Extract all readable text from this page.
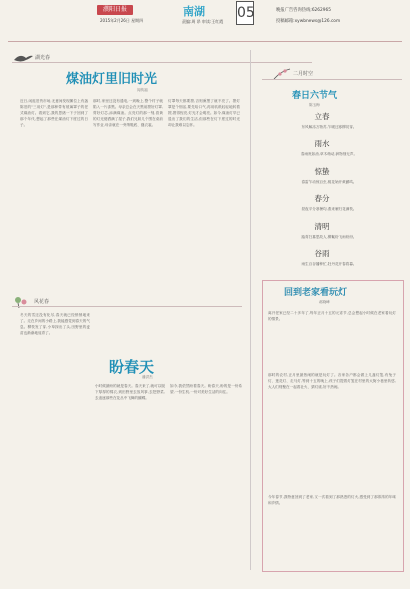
濮阳日报
2015年2月26日 星期四
南湖
责编:周 昂 审读:王红霞
05	晚报广告咨询热线:6262965
投稿邮箱:xywbnews@126.com
湖光春
煤油灯里旧时光
闻传福
近日,闲逛旧货市场,无意间发现摊位上有盏陈旧的"三用灯",是那种带有玻璃罩子的老式煤油灯。看到它,我的思绪一下子回到了那个年代,想起了那些在煤油灯下度过的日子。
那时,家里还没有通电,一到晚上,整个村子就陷入一片漆黑。母亲总会在天黑前擦好灯罩,剪好灯芯,添满煤油。点亮灯的那一刻,昏黄的灯光便洒满了屋子,我们兄妹几个围在桌前写作业,母亲就在一旁纳鞋底、缝衣裳。
灯罩每天都要擦,否则熏黑了就不亮了。擦灯罩是个细活,要先哈口气,再用软纸轻轻地转着擦,擦得锃亮,灯光才会明亮。如今,煤油灯早已退出了我们的生活,但那些在灯下度过的时光却让我难以忘怀。
风花春
冬天的雪还没有化尽,春天就已经悄悄地来了。走在乡间的小路上,我能感觉到春天的气息。柳枝发了芽,小草探出了头,田野里的麦苗也渐渐地返青了。
盼春天
潘洪杰
小时候最盼的就是春天。春天来了,就可以脱下厚厚的棉衣,到田野里去放风筝,去挖野菜,去追逐那些在花丛中飞舞的蝴蝶。
如今,我依然盼着春天。盼春天,盼的是一份希望,一份生机,一份对美好生活的向往。
二月时空
春日六节气
陈玉梅
立春
东风解冻万物苏,乍暖还寒柳初芽。
雨水
春雨贵如油,草木萌动,润物细无声。
惊蛰
春雷乍动惊百虫,桃花始开黄鹂鸣。
春分
昼夜平分寒暑均,燕来雁归花满枝。
清明
踏青扫墓思故人,柳絮纷飞雨纷纷。
谷雨
雨生百谷播种忙,牡丹花开春将暮。
回到老家看玩灯
郝晓峰
离开老家已经二十多年了,每年正月十五的元宵节,总会想起小时候在老家看玩灯的情景。
那时的农村,正月里最热闹的就是玩灯了。各家各户都会做上几盏灯笼,有兔子灯、莲花灯、走马灯,等到十五的晚上,孩子们提着灯笼在村里的大街小巷里转悠,大人们则聚在一起看社火、猜灯谜,好不热闹。
今年春节,我特意回到了老家,又一次看到了那熟悉的灯火,感受到了那浓浓的年味和乡情。
